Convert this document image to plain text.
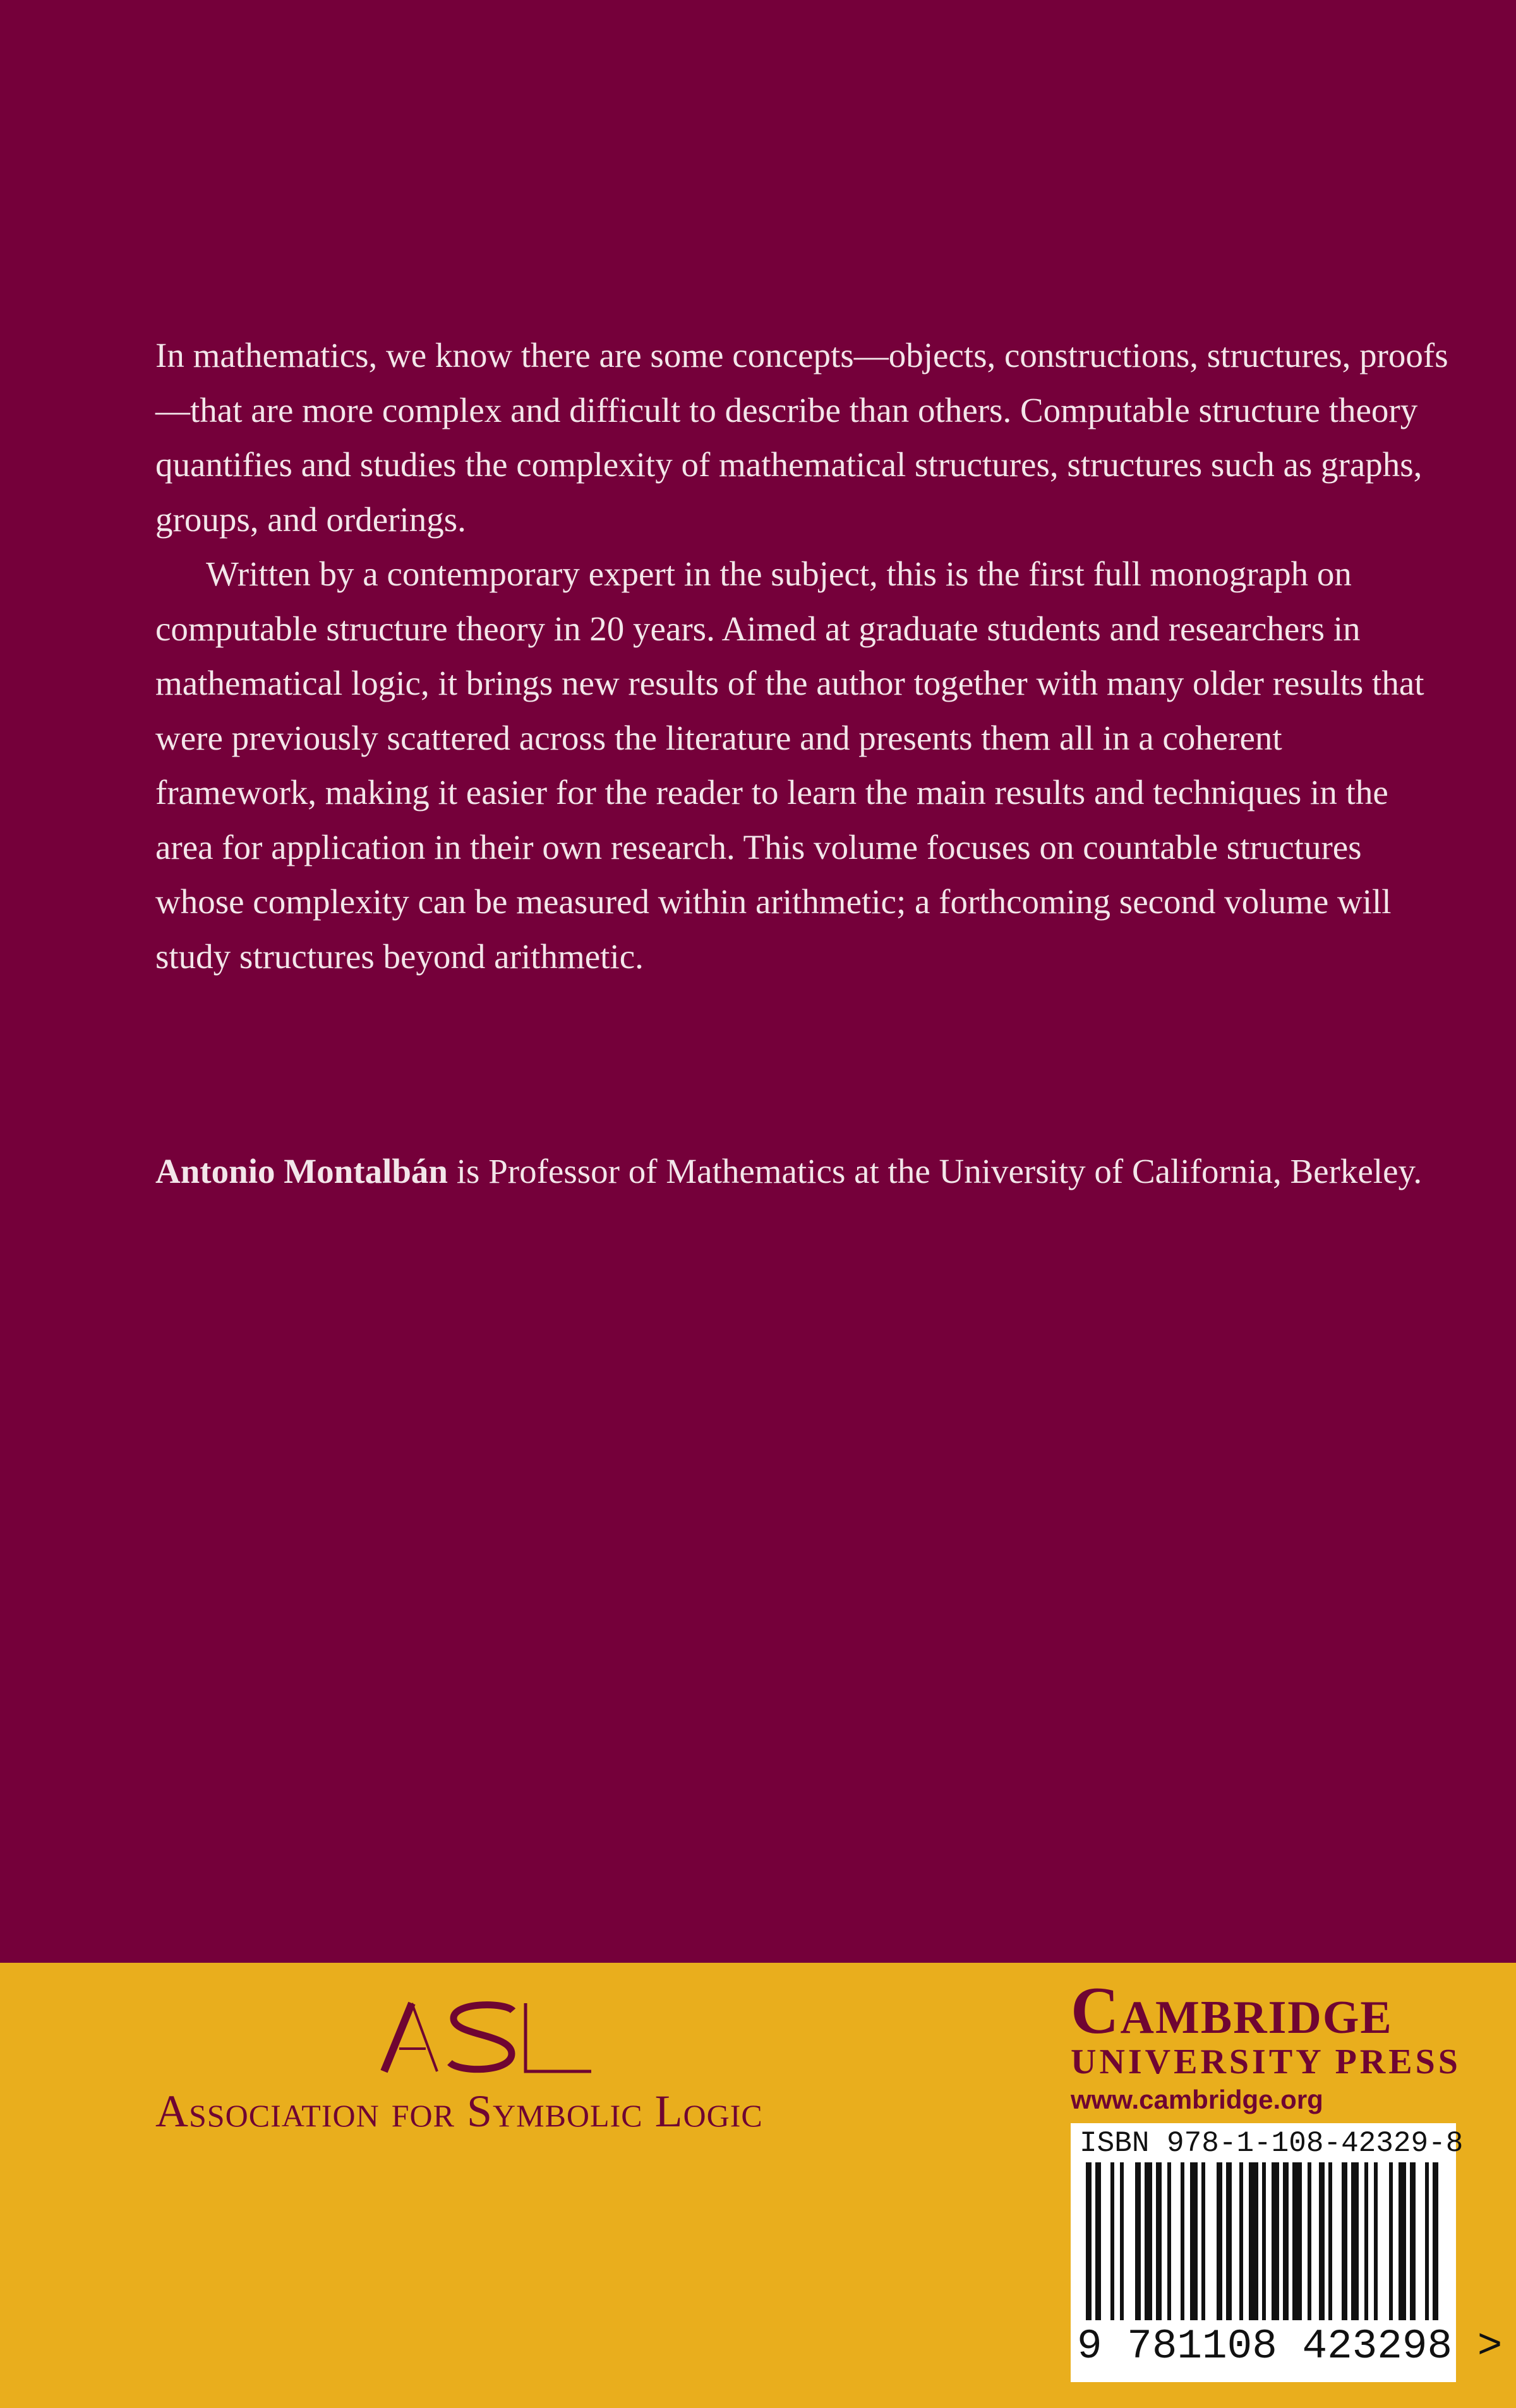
In mathematics, we know there are some concepts—objects, constructions, structures, proofs—that are more complex and difficult to describe than others. Computable structure theory quantifies and studies the complexity of mathematical structures, structures such as graphs, groups, and orderings.

Written by a contemporary expert in the subject, this is the first full monograph on computable structure theory in 20 years. Aimed at graduate students and researchers in mathematical logic, it brings new results of the author together with many older results that were previously scattered across the literature and presents them all in a coherent framework, making it easier for the reader to learn the main results and techniques in the area for application in their own research. This volume focuses on countable structures whose complexity can be measured within arithmetic; a forthcoming second volume will study structures beyond arithmetic.

Antonio Montalbán is Professor of Mathematics at the University of California, Berkeley.

Association for Symbolic Logic
Cambridge
UNIVERSITY PRESS
www.cambridge.org
ISBN 978-1-108-42329-8
9 781108 423298 >
